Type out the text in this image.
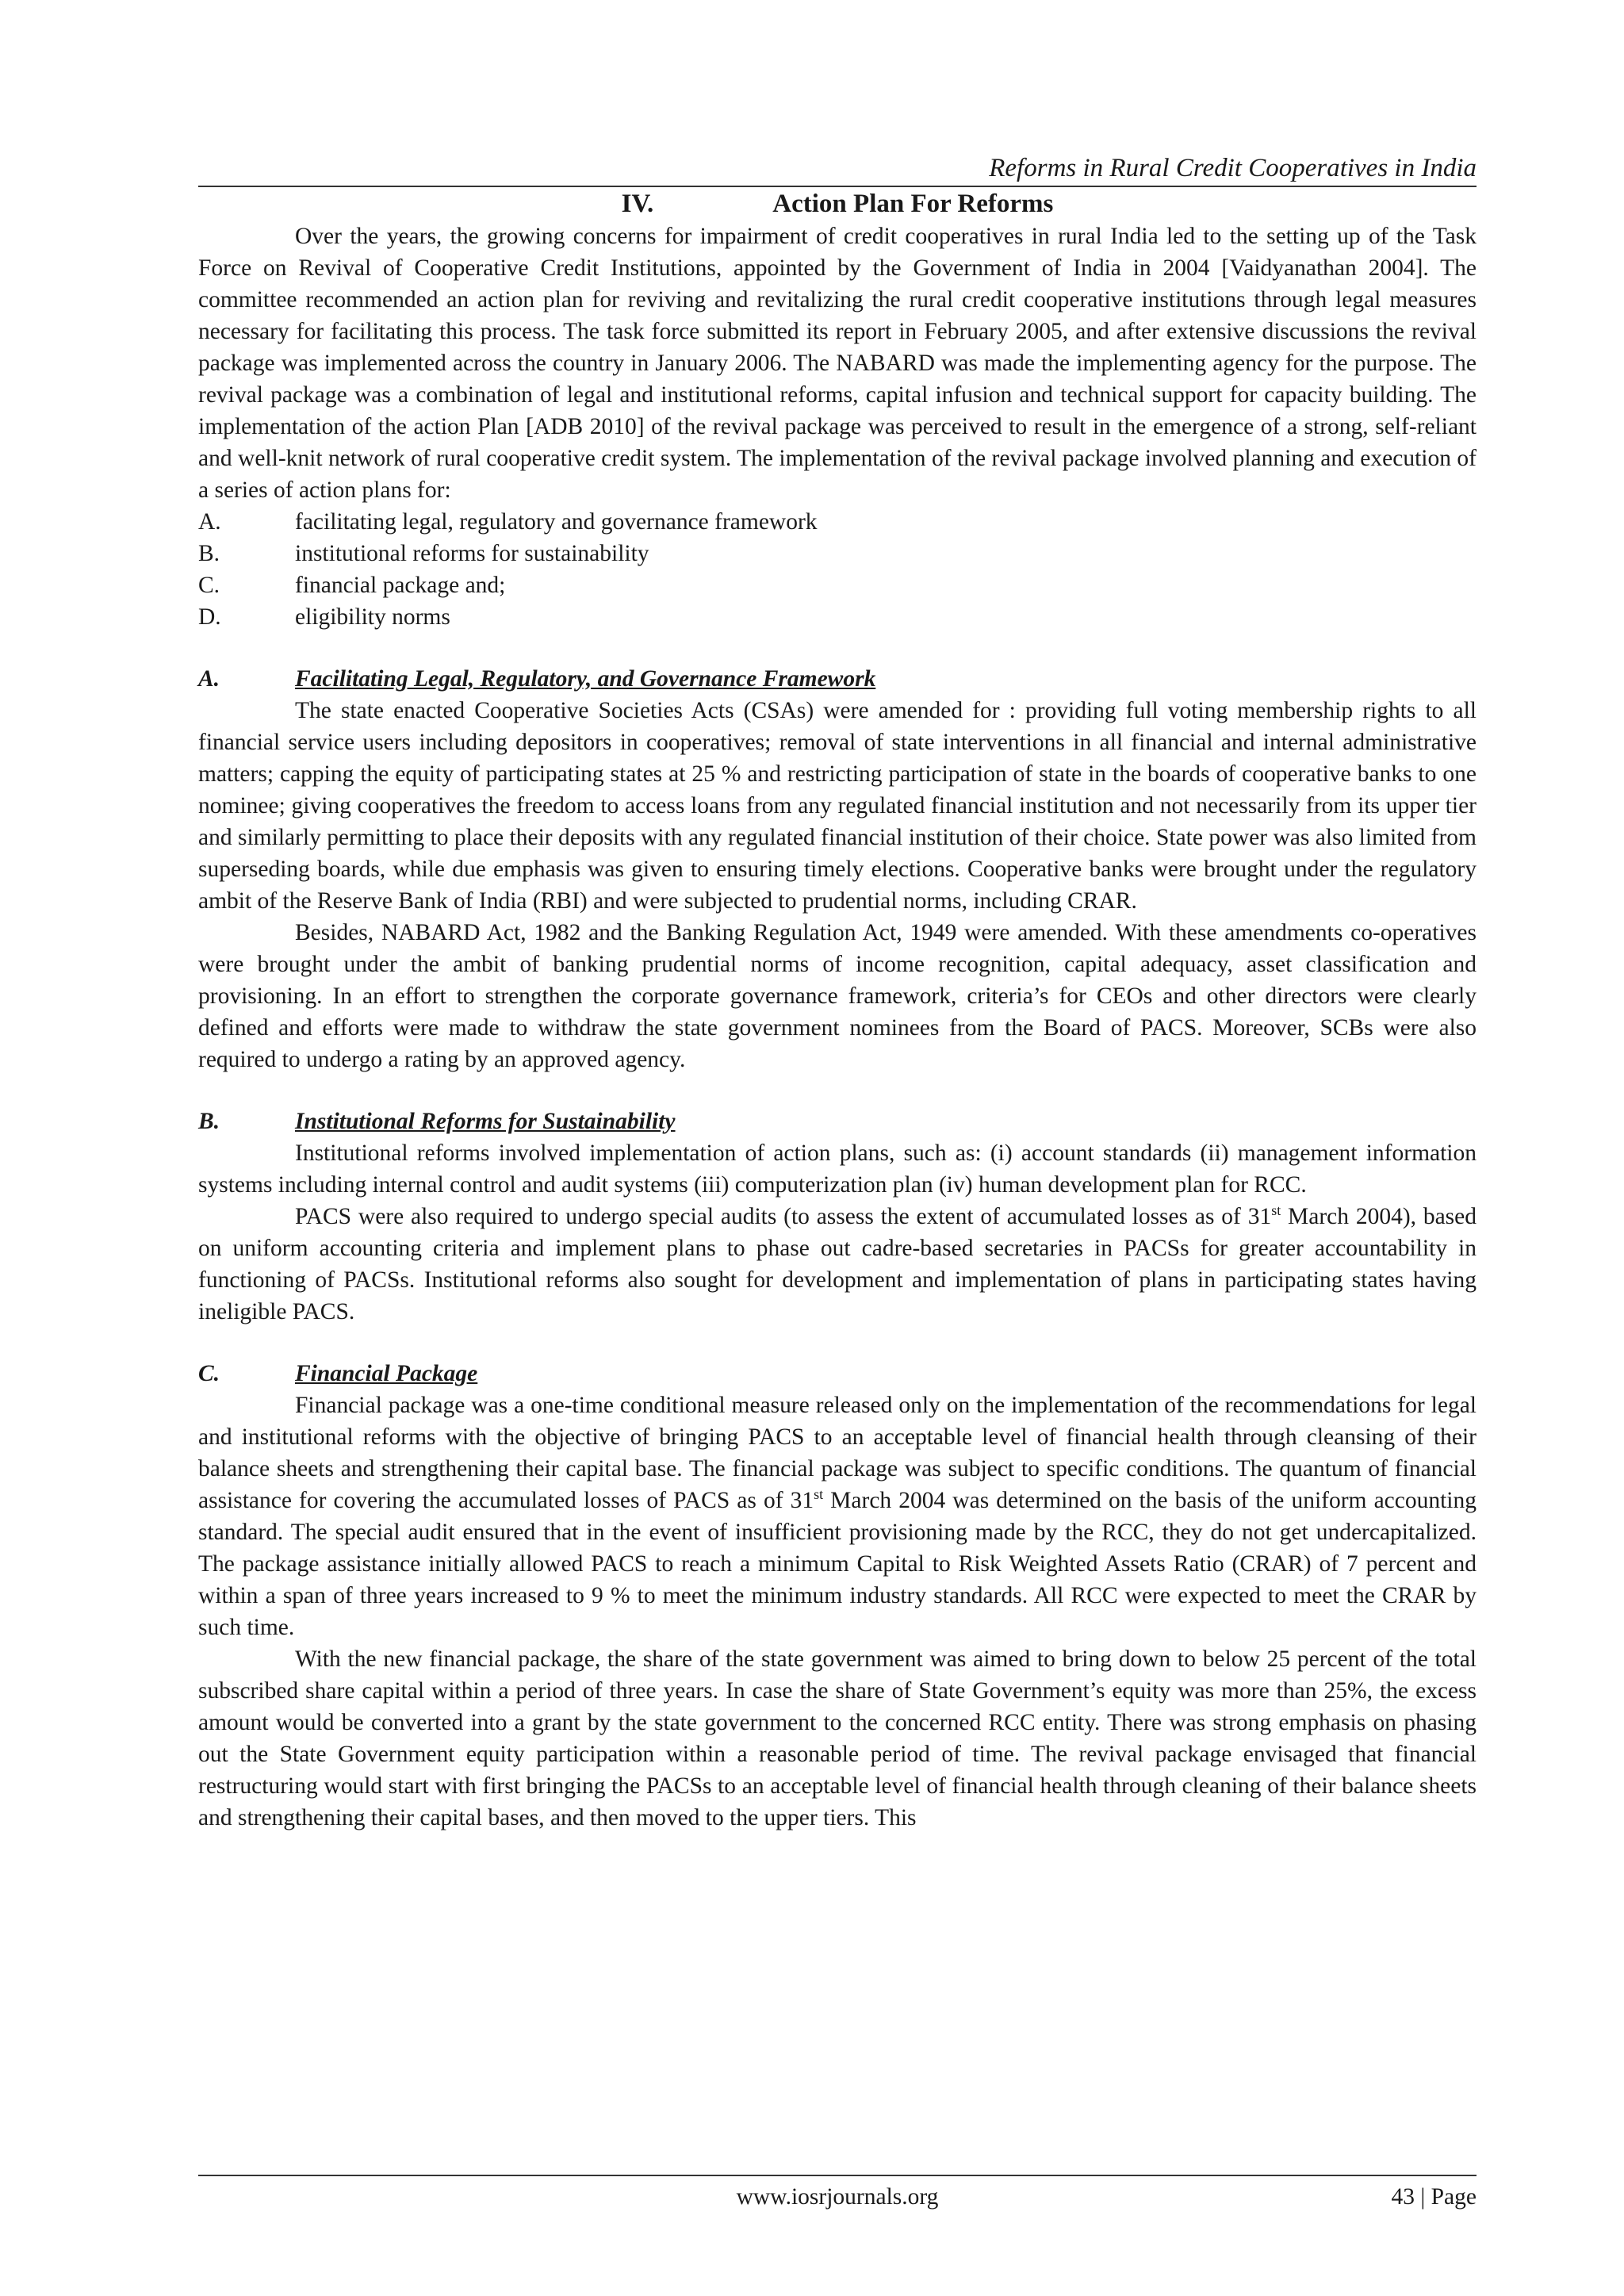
Reforms in Rural Credit Cooperatives in India
IV.	Action Plan For Reforms

Over the years, the growing concerns for impairment of credit cooperatives in rural India led to the setting up of the Task Force on Revival of Cooperative Credit Institutions, appointed by the Government of India in 2004 [Vaidyanathan 2004]. The committee recommended an action plan for reviving and revitalizing the rural credit cooperative institutions through legal measures necessary for facilitating this process. The task force submitted its report in February 2005, and after extensive discussions the revival package was implemented across the country in January 2006. The NABARD was made the implementing agency for the purpose. The revival package was a combination of legal and institutional reforms, capital infusion and technical support for capacity building. The implementation of the action Plan [ADB 2010] of the revival package was perceived to result in the emergence of a strong, self-reliant and well-knit network of rural cooperative credit system. The implementation of the revival package involved planning and execution of a series of action plans for:

A.	facilitating legal, regulatory and governance framework
B.	institutional reforms for sustainability
C.	financial package and;
D.	eligibility norms
A.	Facilitating Legal, Regulatory, and Governance Framework

The state enacted Cooperative Societies Acts (CSAs) were amended for : providing full voting membership rights to all financial service users including depositors in cooperatives; removal of state interventions in all financial and internal administrative matters; capping the equity of participating states at 25 % and restricting participation of state in the boards of cooperative banks to one nominee; giving cooperatives the freedom to access loans from any regulated financial institution and not necessarily from its upper tier and similarly permitting to place their deposits with any regulated financial institution of their choice. State power was also limited from superseding boards, while due emphasis was given to ensuring timely elections. Cooperative banks were brought under the regulatory ambit of the Reserve Bank of India (RBI) and were subjected to prudential norms, including CRAR.

Besides, NABARD Act, 1982 and the Banking Regulation Act, 1949 were amended. With these amendments co-operatives were brought under the ambit of banking prudential norms of income recognition, capital adequacy, asset classification and provisioning. In an effort to strengthen the corporate governance framework, criteria’s for CEOs and other directors were clearly defined and efforts were made to withdraw the state government nominees from the Board of PACS. Moreover, SCBs were also required to undergo a rating by an approved agency.

B.	Institutional Reforms for Sustainability

Institutional reforms involved implementation of action plans, such as: (i) account standards (ii) management information systems including internal control and audit systems (iii) computerization plan (iv) human development plan for RCC.

PACS were also required to undergo special audits (to assess the extent of accumulated losses as of 31st March 2004), based on uniform accounting criteria and implement plans to phase out cadre-based secretaries in PACSs for greater accountability in functioning of PACSs. Institutional reforms also sought for development and implementation of plans in participating states having ineligible PACS.

C.	Financial Package

Financial package was a one-time conditional measure released only on the implementation of the recommendations for legal and institutional reforms with the objective of bringing PACS to an acceptable level of financial health through cleansing of their balance sheets and strengthening their capital base. The financial package was subject to specific conditions. The quantum of financial assistance for covering the accumulated losses of PACS as of 31st March 2004 was determined on the basis of the uniform accounting standard. The special audit ensured that in the event of insufficient provisioning made by the RCC, they do not get undercapitalized. The package assistance initially allowed PACS to reach a minimum Capital to Risk Weighted Assets Ratio (CRAR) of 7 percent and within a span of three years increased to 9 % to meet the minimum industry standards. All RCC were expected to meet the CRAR by such time.

With the new financial package, the share of the state government was aimed to bring down to below 25 percent of the total subscribed share capital within a period of three years. In case the share of State Government’s equity was more than 25%, the excess amount would be converted into a grant by the state government to the concerned RCC entity. There was strong emphasis on phasing out the State Government equity participation within a reasonable period of time. The revival package envisaged that financial restructuring would start with first bringing the PACSs to an acceptable level of financial health through cleaning of their balance sheets and strengthening their capital bases, and then moved to the upper tiers. This

www.iosrjournals.org	43 | Page
